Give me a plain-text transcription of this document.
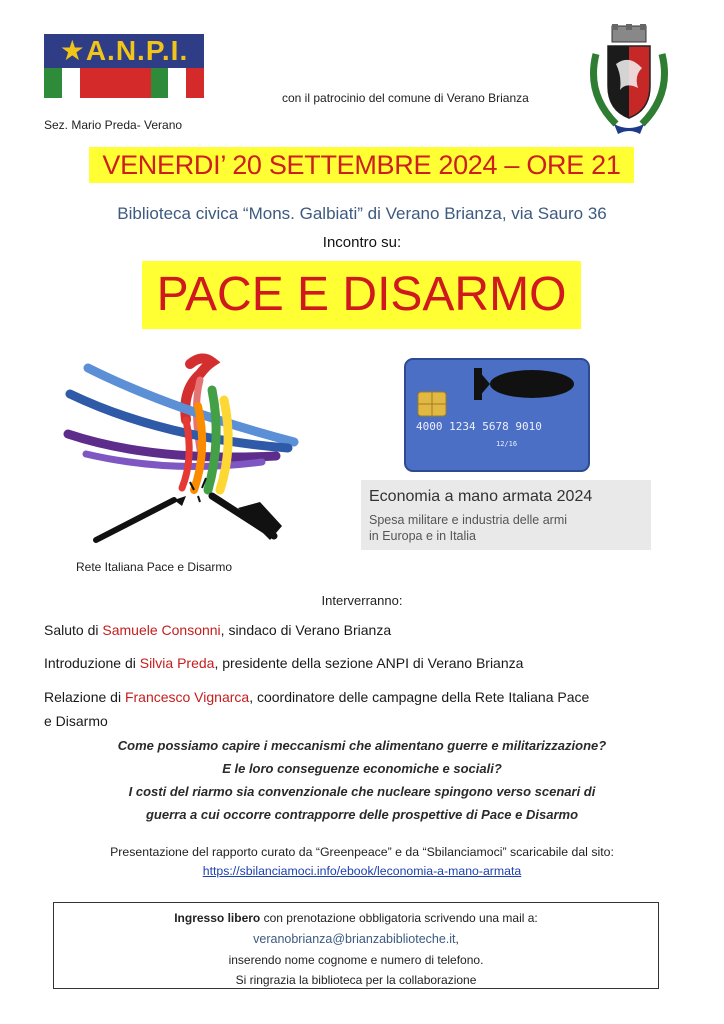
★A.N.P.I.
Sez. Mario Preda- Verano
con il patrocinio del comune di Verano Brianza
VENERDI’ 20 SETTEMBRE 2024 – ORE 21
Biblioteca civica “Mons. Galbiati” di Verano Brianza, via Sauro 36
Incontro su:
PACE E DISARMO
Rete Italiana Pace e Disarmo
4000 1234 5678 9010
12/16
Economia a mano armata 2024
Spesa militare e industria delle armi
in Europa e in Italia
Interverranno:
Saluto di Samuele Consonni, sindaco di Verano Brianza
Introduzione di Silvia Preda, presidente della sezione ANPI di Verano Brianza
Relazione di Francesco Vignarca, coordinatore delle campagne della Rete Italiana Pace
e Disarmo
Come possiamo capire i meccanismi che alimentano guerre e militarizzazione?
E le loro conseguenze economiche e sociali?
I costi del riarmo sia convenzionale che nucleare spingono verso scenari di
guerra a cui occorre contrapporre delle prospettive di Pace e Disarmo
Presentazione del rapporto curato da “Greenpeace” e da “Sbilanciamoci” scaricabile dal sito:
https://sbilanciamoci.info/ebook/leconomia-a-mano-armata
Ingresso libero con prenotazione obbligatoria scrivendo una mail a:
veranobrianza@brianzabiblioteche.it,
inserendo nome cognome e numero di telefono.
Si ringrazia la biblioteca per la collaborazione
